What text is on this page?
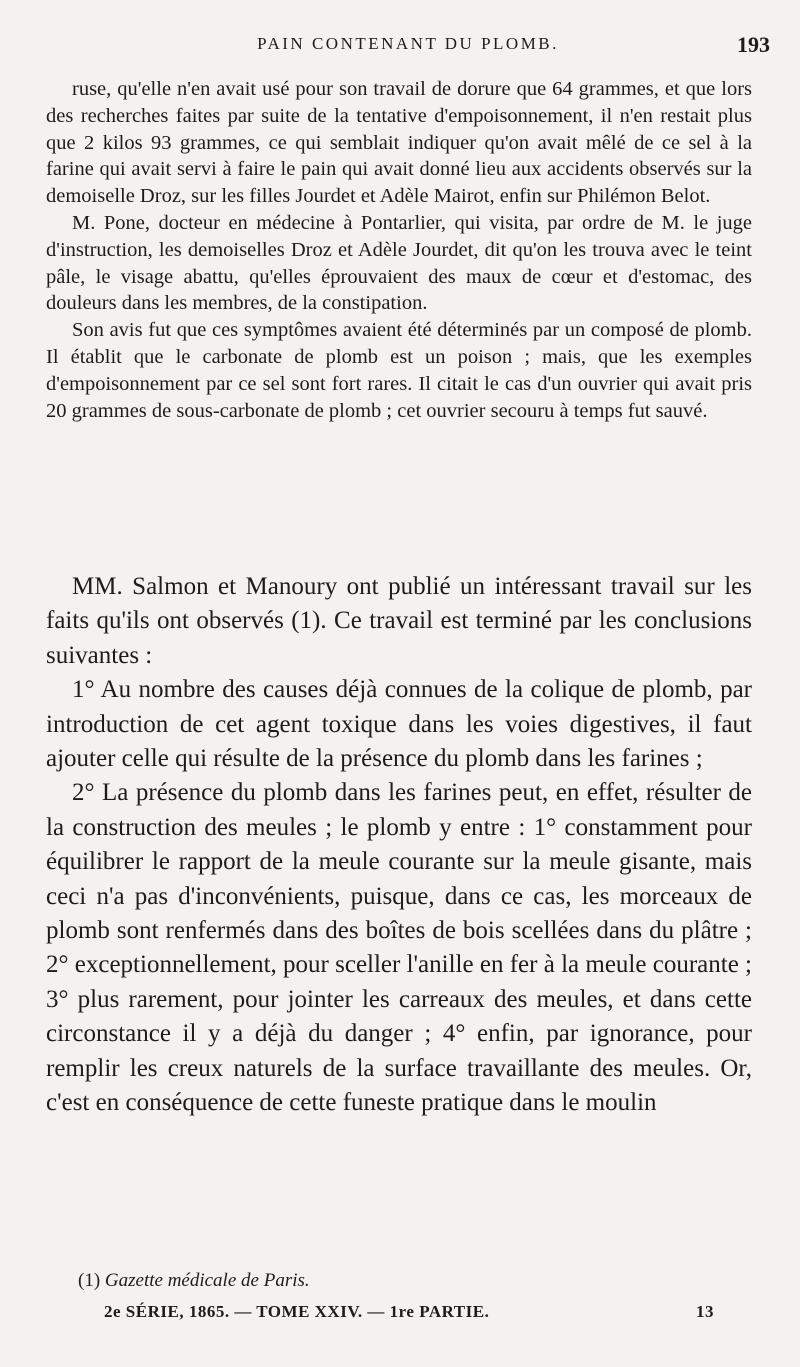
PAIN CONTENANT DU PLOMB.	193

ruse, qu'elle n'en avait usé pour son travail de dorure que 64 grammes, et que lors des recherches faites par suite de la tentative d'empoisonnement, il n'en restait plus que 2 kilos 93 grammes, ce qui semblait indiquer qu'on avait mêlé de ce sel à la farine qui avait servi à faire le pain qui avait donné lieu aux accidents observés sur la demoiselle Droz, sur les filles Jourdet et Adèle Mairot, enfin sur Philémon Belot.

M. Pone, docteur en médecine à Pontarlier, qui visita, par ordre de M. le juge d'instruction, les demoiselles Droz et Adèle Jourdet, dit qu'on les trouva avec le teint pâle, le visage abattu, qu'elles éprouvaient des maux de cœur et d'estomac, des douleurs dans les membres, de la constipation.

Son avis fut que ces symptômes avaient été déterminés par un composé de plomb. Il établit que le carbonate de plomb est un poison ; mais, que les exemples d'empoisonnement par ce sel sont fort rares. Il citait le cas d'un ouvrier qui avait pris 20 grammes de sous-carbonate de plomb ; cet ouvrier secouru à temps fut sauvé.

MM. Salmon et Manoury ont publié un intéressant travail sur les faits qu'ils ont observés (1). Ce travail est terminé par les conclusions suivantes :

1° Au nombre des causes déjà connues de la colique de plomb, par introduction de cet agent toxique dans les voies digestives, il faut ajouter celle qui résulte de la présence du plomb dans les farines ;

2° La présence du plomb dans les farines peut, en effet, résulter de la construction des meules ; le plomb y entre : 1° constamment pour équilibrer le rapport de la meule courante sur la meule gisante, mais ceci n'a pas d'inconvénients, puisque, dans ce cas, les morceaux de plomb sont renfermés dans des boîtes de bois scellées dans du plâtre ; 2° exceptionnellement, pour sceller l'anille en fer à la meule courante ; 3° plus rarement, pour jointer les carreaux des meules, et dans cette circonstance il y a déjà du danger ; 4° enfin, par ignorance, pour remplir les creux naturels de la surface travaillante des meules. Or, c'est en conséquence de cette funeste pratique dans le moulin

(1) Gazette médicale de Paris.
2e SÉRIE, 1865. — TOME XXIV. — 1re PARTIE.	13
